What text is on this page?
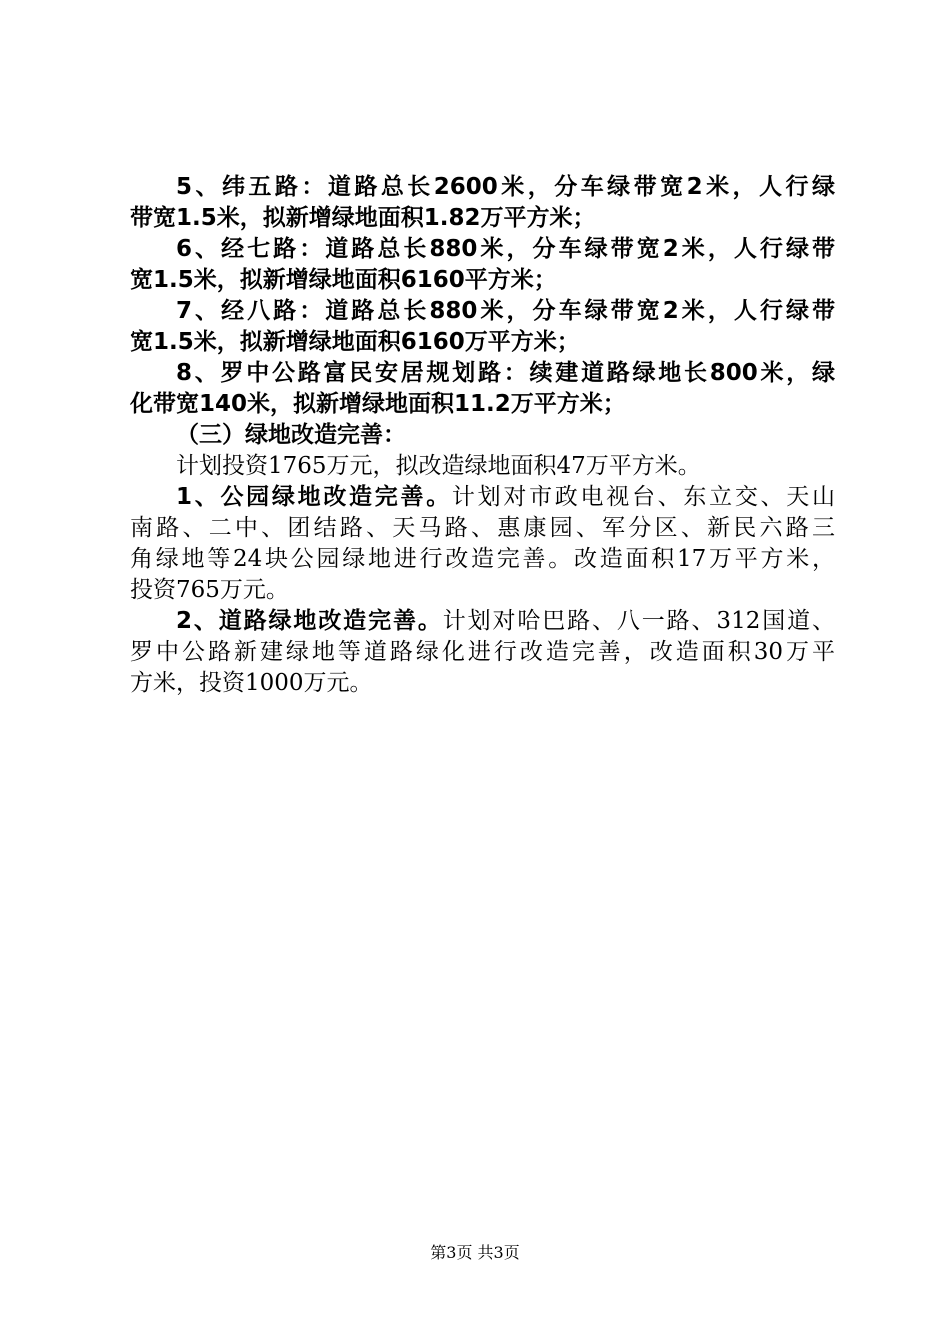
5、纬五路：道路总长2600米，分车绿带宽2米，人行绿
带宽1.5米，拟新增绿地面积1.82万平方米；
6、经七路：道路总长880米，分车绿带宽2米，人行绿带
宽1.5米，拟新增绿地面积6160平方米；
7、经八路：道路总长880米，分车绿带宽2米，人行绿带
宽1.5米，拟新增绿地面积6160万平方米；
8、罗中公路富民安居规划路：续建道路绿地长800米，绿
化带宽140米，拟新增绿地面积11.2万平方米；
（三）绿地改造完善：
计划投资1765万元，拟改造绿地面积47万平方米。
1、公园绿地改造完善。计划对市政电视台、东立交、天山
南路、二中、团结路、天马路、惠康园、军分区、新民六路三
角绿地等24块公园绿地进行改造完善。改造面积17万平方米，
投资765万元。
2、道路绿地改造完善。计划对哈巴路、八一路、312国道、
罗中公路新建绿地等道路绿化进行改造完善，改造面积30万平
方米，投资1000万元。
第3页 共3页
